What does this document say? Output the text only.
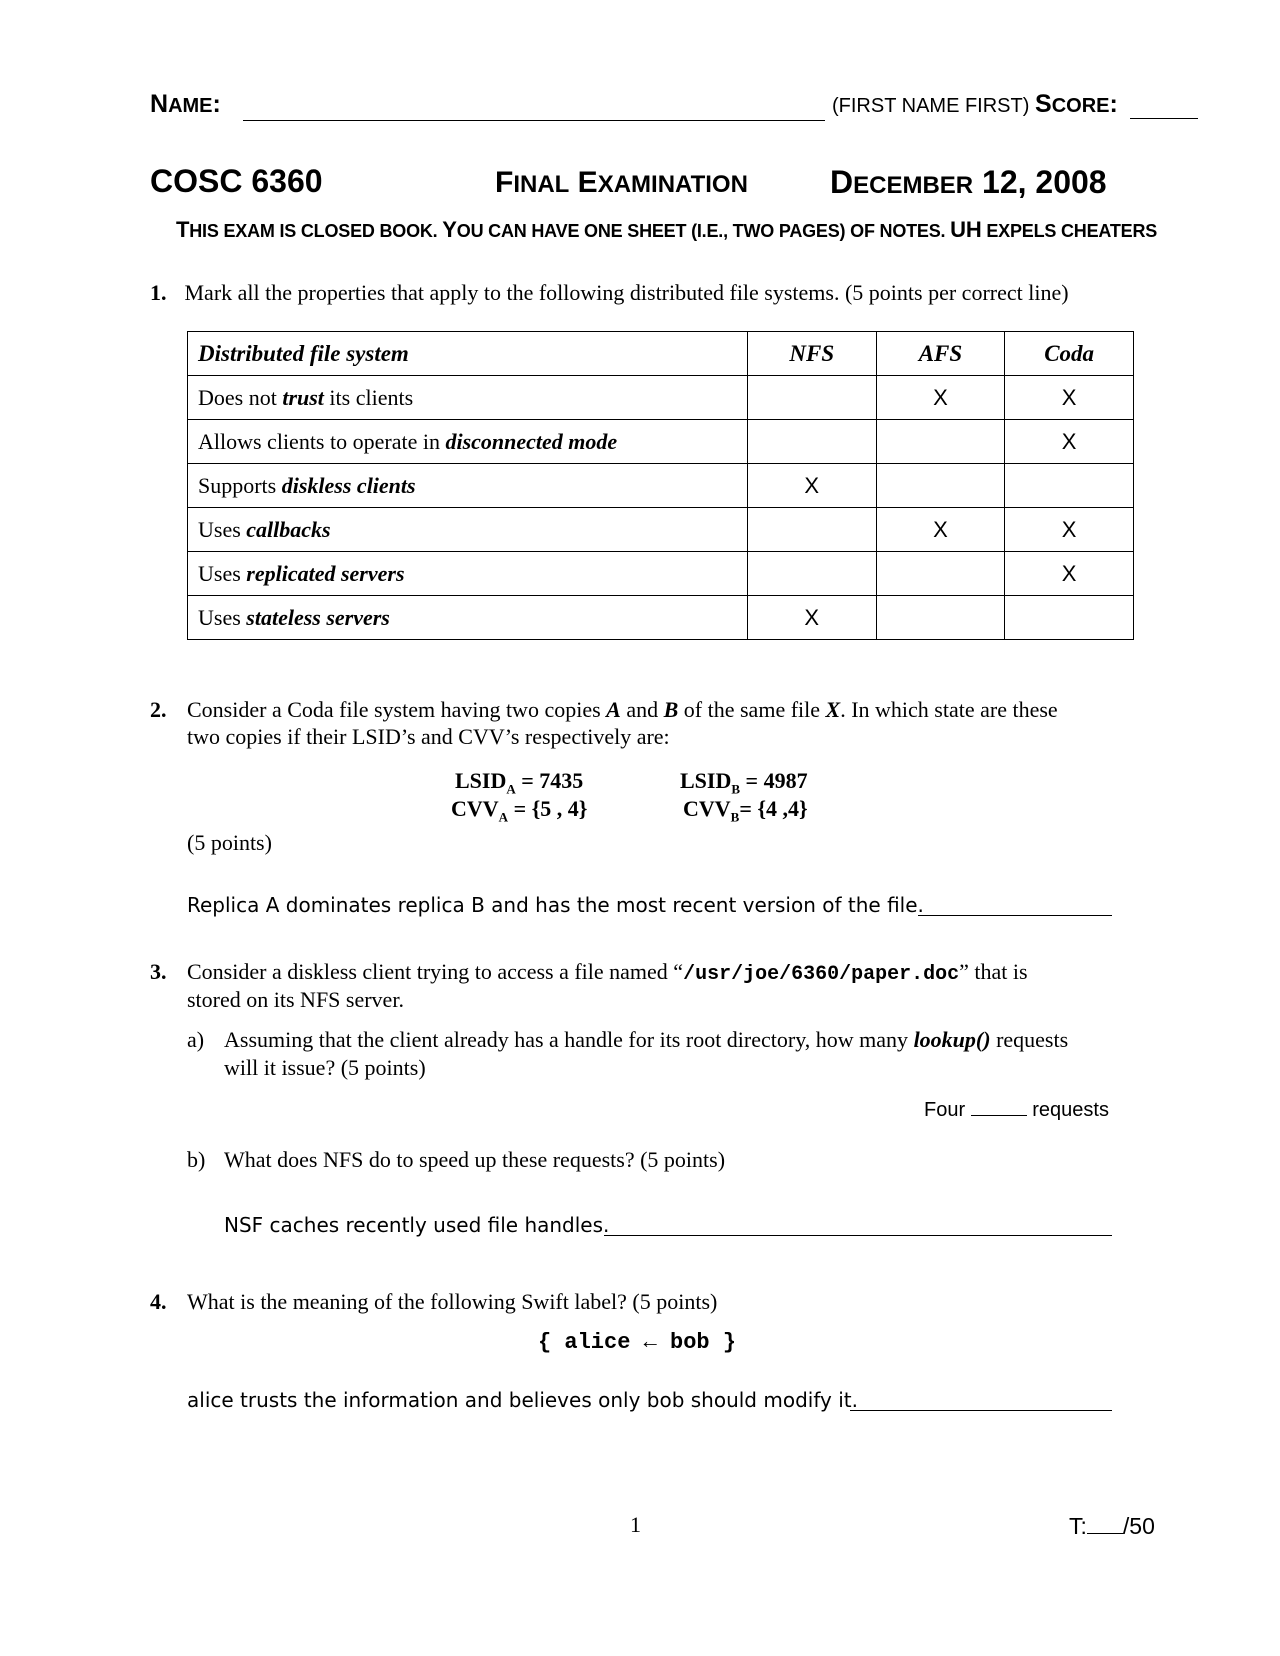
NAME:	(FIRST NAME FIRST) SCORE:
COSC 6360	FINAL EXAMINATION	DECEMBER 12, 2008
THIS EXAM IS CLOSED BOOK. YOU CAN HAVE ONE SHEET (I.E., TWO PAGES) OF NOTES. UH EXPELS CHEATERS
1. Mark all the properties that apply to the following distributed file systems. (5 points per correct line)
Distributed file system	NFS	AFS	Coda
Does not trust its clients		X	X
Allows clients to operate in disconnected mode			X
Supports diskless clients	X		
Uses callbacks		X	X
Uses replicated servers			X
Uses stateless servers	X		
2. Consider a Coda file system having two copies A and B of the same file X. In which state are these
two copies if their LSID’s and CVV’s respectively are:
$LSID_A = 7435$
$CVV_A = \{5$ , 4}
$LSID_B = 4987$
$CVV_B= \{4$ ,4}
(5 points)
Replica A dominates replica B and has the most recent version of the file.
3. Consider a diskless client trying to access a file named “/usr/joe/6360/paper.doc” that is
stored on its NFS server.
a) Assuming that the client already has a handle for its root directory, how many lookup() requests
will it issue? (5 points)
Four	requests
b) What does NFS do to speed up these requests? (5 points)
NSF caches recently used file handles.
4. What is the meaning of the following Swift label? (5 points)
{ alice ← bob }
alice trusts the information and believes only bob should modify it.
1	T: /50
